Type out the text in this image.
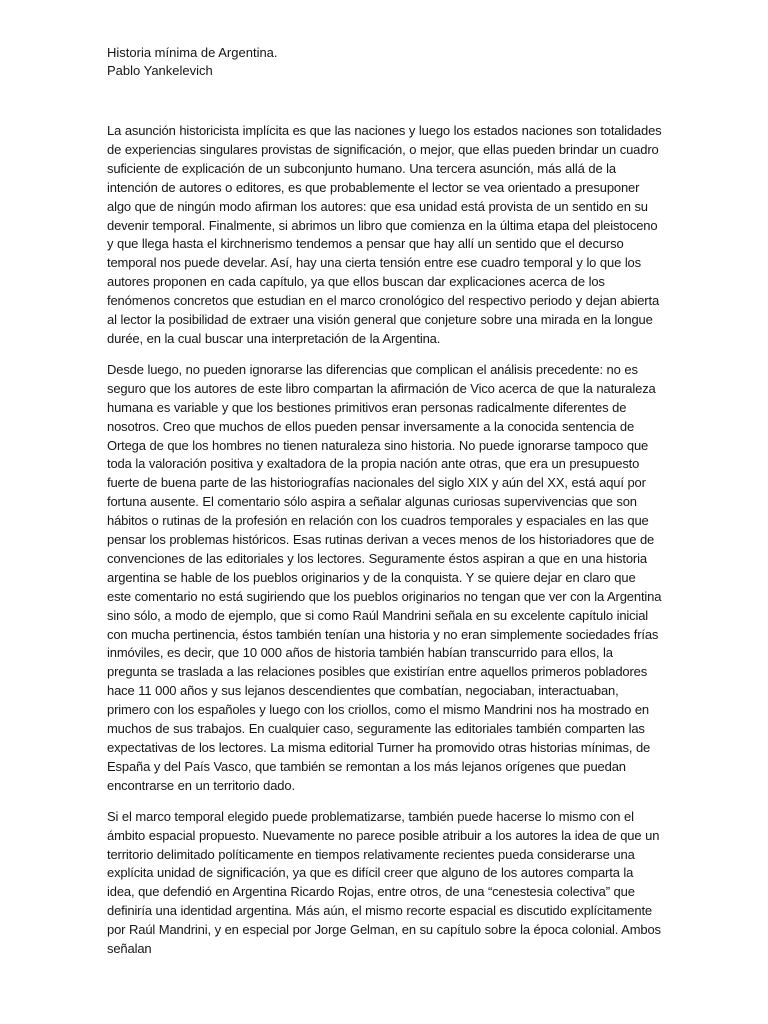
Historia mínima de Argentina.

Pablo Yankelevich

La asunción historicista implícita es que las naciones y luego los estados naciones son totalidades de experiencias singulares provistas de significación, o mejor, que ellas pueden brindar un cuadro suficiente de explicación de un subconjunto humano. Una tercera asunción, más allá de la intención de autores o editores, es que probablemente el lector se vea orientado a presuponer algo que de ningún modo afirman los autores: que esa unidad está provista de un sentido en su devenir temporal. Finalmente, si abrimos un libro que comienza en la última etapa del pleistoceno y que llega hasta el kirchnerismo tendemos a pensar que hay allí un sentido que el decurso temporal nos puede develar. Así, hay una cierta tensión entre ese cuadro temporal y lo que los autores proponen en cada capítulo, ya que ellos buscan dar explicaciones acerca de los fenómenos concretos que estudian en el marco cronológico del respectivo periodo y dejan abierta al lector la posibilidad de extraer una visión general que conjeture sobre una mirada en la longue durée, en la cual buscar una interpretación de la Argentina.

Desde luego, no pueden ignorarse las diferencias que complican el análisis precedente: no es seguro que los autores de este libro compartan la afirmación de Vico acerca de que la naturaleza humana es variable y que los bestiones primitivos eran personas radicalmente diferentes de nosotros. Creo que muchos de ellos pueden pensar inversamente a la conocida sentencia de Ortega de que los hombres no tienen naturaleza sino historia. No puede ignorarse tampoco que toda la valoración positiva y exaltadora de la propia nación ante otras, que era un presupuesto fuerte de buena parte de las historiografías nacionales del siglo XIX y aún del XX, está aquí por fortuna ausente. El comentario sólo aspira a señalar algunas curiosas supervivencias que son hábitos o rutinas de la profesión en relación con los cuadros temporales y espaciales en las que pensar los problemas históricos. Esas rutinas derivan a veces menos de los historiadores que de convenciones de las editoriales y los lectores. Seguramente éstos aspiran a que en una historia argentina se hable de los pueblos originarios y de la conquista. Y se quiere dejar en claro que este comentario no está sugiriendo que los pueblos originarios no tengan que ver con la Argentina sino sólo, a modo de ejemplo, que si como Raúl Mandrini señala en su excelente capítulo inicial con mucha pertinencia, éstos también tenían una historia y no eran simplemente sociedades frías inmóviles, es decir, que 10 000 años de historia también habían transcurrido para ellos, la pregunta se traslada a las relaciones posibles que existirían entre aquellos primeros pobladores hace 11 000 años y sus lejanos descendientes que combatían, negociaban, interactuaban, primero con los españoles y luego con los criollos, como el mismo Mandrini nos ha mostrado en muchos de sus trabajos. En cualquier caso, seguramente las editoriales también comparten las expectativas de los lectores. La misma editorial Turner ha promovido otras historias mínimas, de España y del País Vasco, que también se remontan a los más lejanos orígenes que puedan encontrarse en un territorio dado.

Si el marco temporal elegido puede problematizarse, también puede hacerse lo mismo con el ámbito espacial propuesto. Nuevamente no parece posible atribuir a los autores la idea de que un territorio delimitado políticamente en tiempos relativamente recientes pueda considerarse una explícita unidad de significación, ya que es difícil creer que alguno de los autores comparta la idea, que defendió en Argentina Ricardo Rojas, entre otros, de una “cenestesia colectiva” que definiría una identidad argentina. Más aún, el mismo recorte espacial es discutido explícitamente por Raúl Mandrini, y en especial por Jorge Gelman, en su capítulo sobre la época colonial. Ambos señalan
